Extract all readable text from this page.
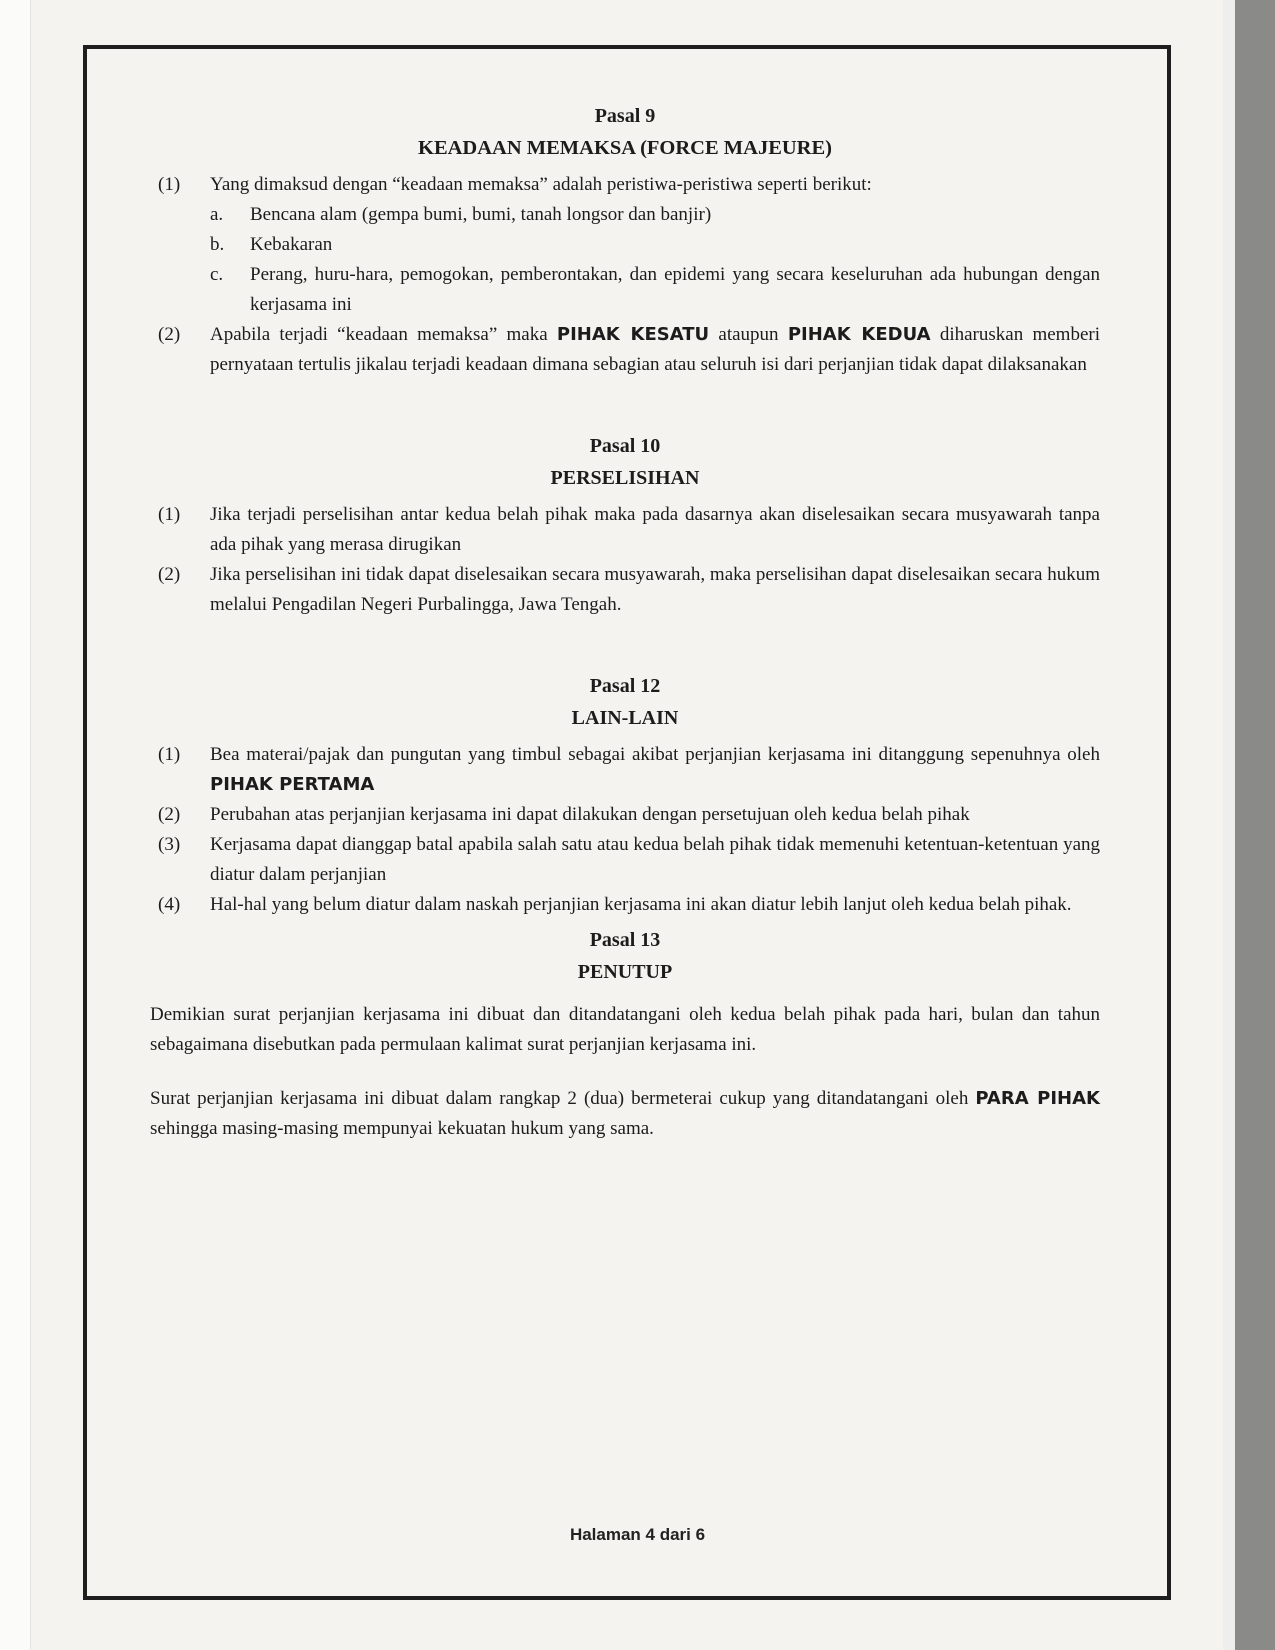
Pasal 9
KEADAAN MEMAKSA (FORCE MAJEURE)
(1)	Yang dimaksud dengan “keadaan memaksa” adalah peristiwa-peristiwa seperti berikut:
a.	Bencana alam (gempa bumi, bumi, tanah longsor dan banjir)
b.	Kebakaran
c.	Perang, huru-hara, pemogokan, pemberontakan, dan epidemi yang secara keseluruhan ada hubungan dengan kerjasama ini
(2)	Apabila terjadi “keadaan memaksa” maka PIHAK KESATU ataupun PIHAK KEDUA diharuskan memberi pernyataan tertulis jikalau terjadi keadaan dimana sebagian atau seluruh isi dari perjanjian tidak dapat dilaksanakan
Pasal 10
PERSELISIHAN
(1)	Jika terjadi perselisihan antar kedua belah pihak maka pada dasarnya akan diselesaikan secara musyawarah tanpa ada pihak yang merasa dirugikan
(2)	Jika perselisihan ini tidak dapat diselesaikan secara musyawarah, maka perselisihan dapat diselesaikan secara hukum melalui Pengadilan Negeri Purbalingga, Jawa Tengah.
Pasal 12
LAIN-LAIN
(1)	Bea materai/pajak dan pungutan yang timbul sebagai akibat perjanjian kerjasama ini ditanggung sepenuhnya oleh PIHAK PERTAMA
(2)	Perubahan atas perjanjian kerjasama ini dapat dilakukan dengan persetujuan oleh kedua belah pihak
(3)	Kerjasama dapat dianggap batal apabila salah satu atau kedua belah pihak tidak memenuhi ketentuan-ketentuan yang diatur dalam perjanjian
(4)	Hal-hal yang belum diatur dalam naskah perjanjian kerjasama ini akan diatur lebih lanjut oleh kedua belah pihak.
Pasal 13
PENUTUP

Demikian surat perjanjian kerjasama ini dibuat dan ditandatangani oleh kedua belah pihak pada hari, bulan dan tahun sebagaimana disebutkan pada permulaan kalimat surat perjanjian kerjasama ini.

Surat perjanjian kerjasama ini dibuat dalam rangkap 2 (dua) bermeterai cukup yang ditandatangani oleh PARA PIHAK sehingga masing-masing mempunyai kekuatan hukum yang sama.

Halaman 4 dari 6
